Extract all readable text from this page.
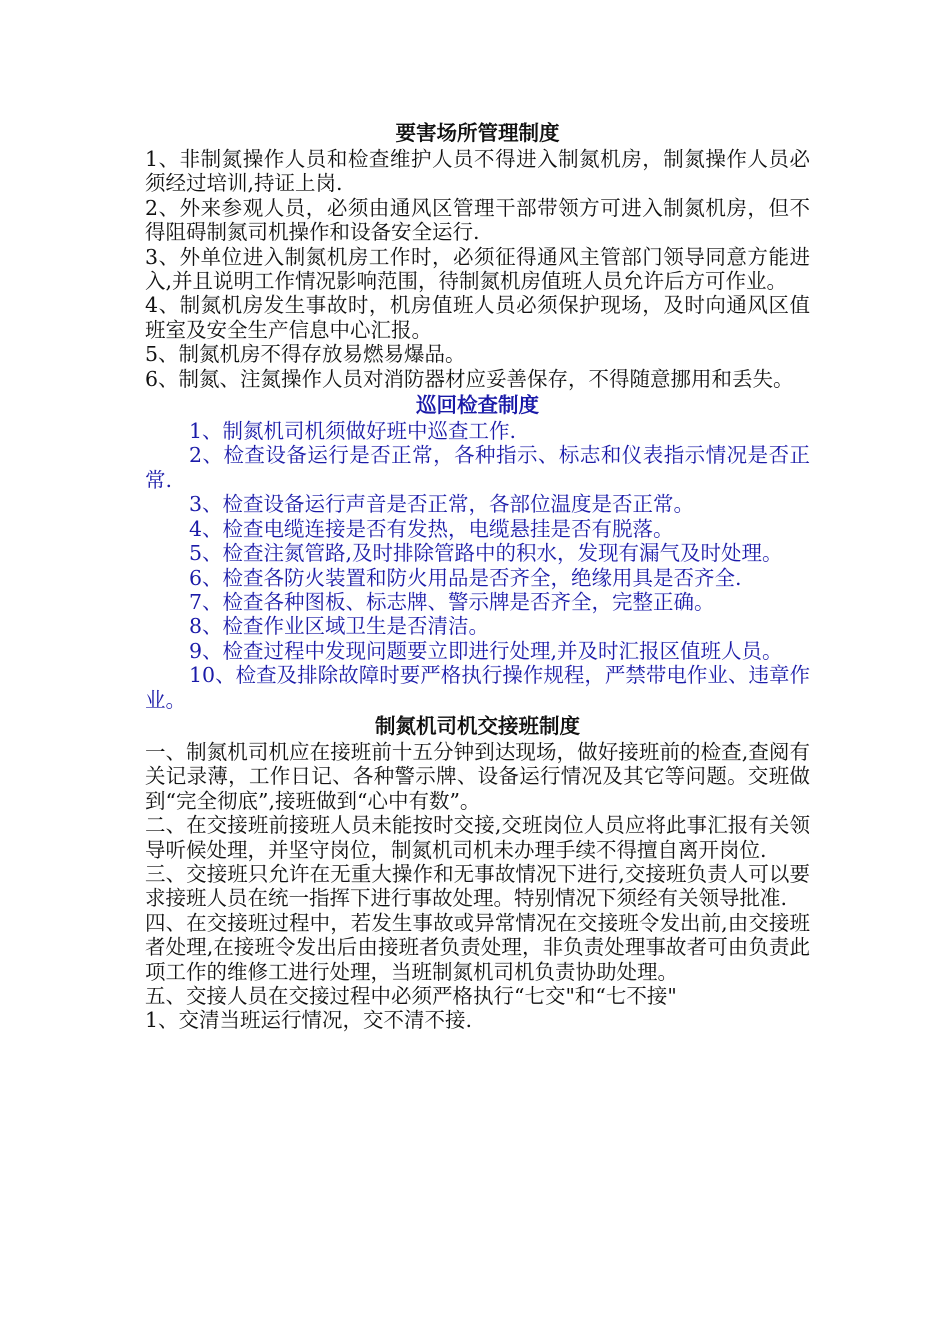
要害场所管理制度

1、非制氮操作人员和检查维护人员不得进入制氮机房，制氮操作人员必须经过培训,持证上岗.

2、外来参观人员，必须由通风区管理干部带领方可进入制氮机房，但不得阻碍制氮司机操作和设备安全运行.

3、外单位进入制氮机房工作时，必须征得通风主管部门领导同意方能进入,并且说明工作情况影响范围，待制氮机房值班人员允许后方可作业。

4、制氮机房发生事故时，机房值班人员必须保护现场，及时向通风区值班室及安全生产信息中心汇报。

5、制氮机房不得存放易燃易爆品。

6、制氮、注氮操作人员对消防器材应妥善保存，不得随意挪用和丢失。

巡回检查制度

1、制氮机司机须做好班中巡查工作.

2、检查设备运行是否正常，各种指示、标志和仪表指示情况是否正常.

3、检查设备运行声音是否正常，各部位温度是否正常。

4、检查电缆连接是否有发热，电缆悬挂是否有脱落。

5、检查注氮管路,及时排除管路中的积水，发现有漏气及时处理。

6、检查各防火装置和防火用品是否齐全，绝缘用具是否齐全.

7、检查各种图板、标志牌、警示牌是否齐全，完整正确。

8、检查作业区域卫生是否清洁。

9、检查过程中发现问题要立即进行处理,并及时汇报区值班人员。

10、检查及排除故障时要严格执行操作规程，严禁带电作业、违章作业。

制氮机司机交接班制度

一、制氮机司机应在接班前十五分钟到达现场，做好接班前的检查,查阅有关记录薄，工作日记、各种警示牌、设备运行情况及其它等问题。交班做到“完全彻底”,接班做到“心中有数”。

二、在交接班前接班人员未能按时交接,交班岗位人员应将此事汇报有关领导听候处理，并坚守岗位，制氮机司机未办理手续不得擅自离开岗位.

三、交接班只允许在无重大操作和无事故情况下进行,交接班负责人可以要求接班人员在统一指挥下进行事故处理。特别情况下须经有关领导批准.

四、在交接班过程中，若发生事故或异常情况在交接班令发出前,由交接班者处理,在接班令发出后由接班者负责处理，非负责处理事故者可由负责此项工作的维修工进行处理，当班制氮机司机负责协助处理。

五、交接人员在交接过程中必须严格执行“七交"和“七不接"

1、交清当班运行情况，交不清不接.
